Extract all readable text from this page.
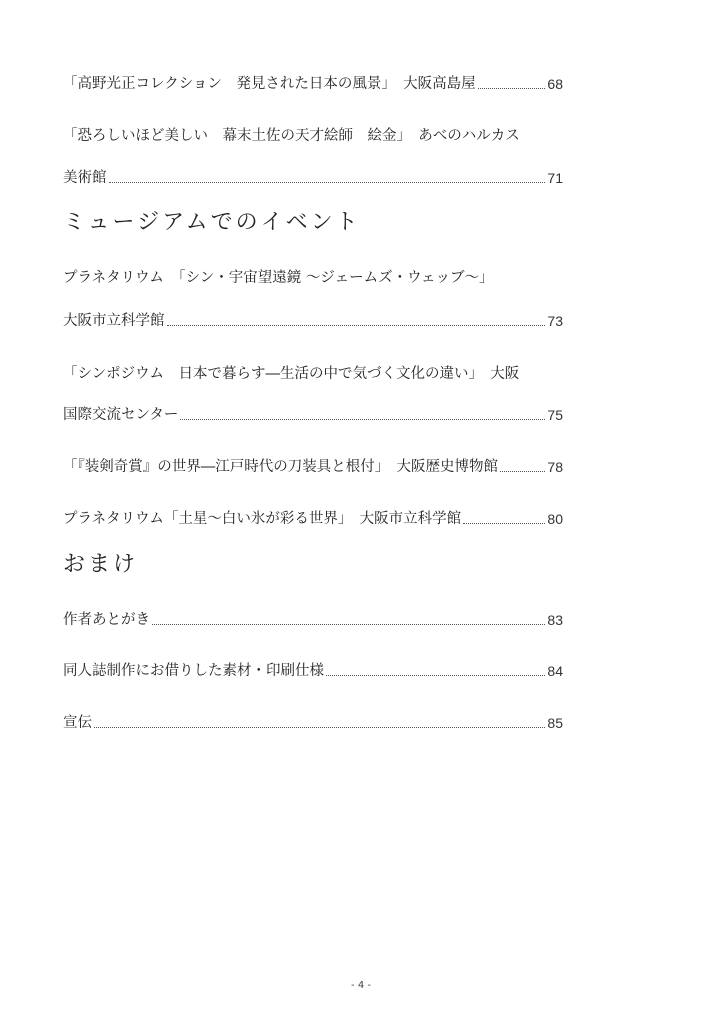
「高野光正コレクション　発見された日本の風景」　大阪高島屋	68
「恐ろしいほど美しい　幕末土佐の天才絵師　絵金」　あべのハルカス
美術館	71
ミュージアムでのイベント
プラネタリウム　「シン・宇宙望遠鏡 〜ジェームズ・ウェッブ〜」
大阪市立科学館	73
「シンポジウム　日本で暮らす―生活の中で気づく文化の違い」　大阪
国際交流センター	75
「『装剣奇賞』の世界―江戸時代の刀装具と根付」　大阪歴史博物館	78
プラネタリウム「土星〜白い氷が彩る世界」　大阪市立科学館	80
おまけ
作者あとがき	83
同人誌制作にお借りした素材・印刷仕様	84
宣伝	85
- 4 -
